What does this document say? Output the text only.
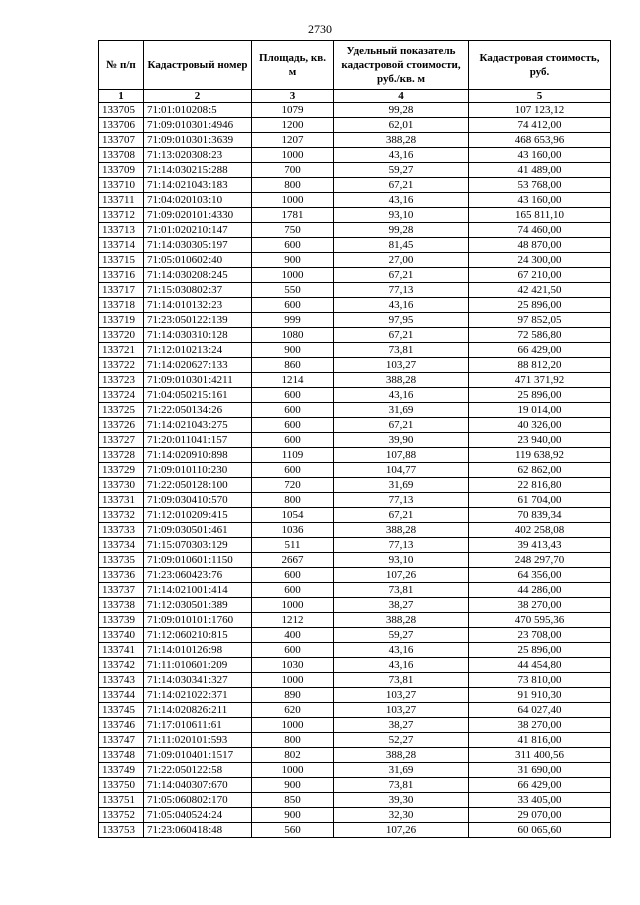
2730
№ п/п	Кадастровый номер	Площадь, кв. м	Удельный показатель кадастровой стоимости, руб./кв. м	Кадастровая стоимость, руб.
1	2	3	4	5
133705	71:01:010208:5	1079	99,28	107 123,12
133706	71:09:010301:4946	1200	62,01	74 412,00
133707	71:09:010301:3639	1207	388,28	468 653,96
133708	71:13:020308:23	1000	43,16	43 160,00
133709	71:14:030215:288	700	59,27	41 489,00
133710	71:14:021043:183	800	67,21	53 768,00
133711	71:04:020103:10	1000	43,16	43 160,00
133712	71:09:020101:4330	1781	93,10	165 811,10
133713	71:01:020210:147	750	99,28	74 460,00
133714	71:14:030305:197	600	81,45	48 870,00
133715	71:05:010602:40	900	27,00	24 300,00
133716	71:14:030208:245	1000	67,21	67 210,00
133717	71:15:030802:37	550	77,13	42 421,50
133718	71:14:010132:23	600	43,16	25 896,00
133719	71:23:050122:139	999	97,95	97 852,05
133720	71:14:030310:128	1080	67,21	72 586,80
133721	71:12:010213:24	900	73,81	66 429,00
133722	71:14:020627:133	860	103,27	88 812,20
133723	71:09:010301:4211	1214	388,28	471 371,92
133724	71:04:050215:161	600	43,16	25 896,00
133725	71:22:050134:26	600	31,69	19 014,00
133726	71:14:021043:275	600	67,21	40 326,00
133727	71:20:011041:157	600	39,90	23 940,00
133728	71:14:020910:898	1109	107,88	119 638,92
133729	71:09:010110:230	600	104,77	62 862,00
133730	71:22:050128:100	720	31,69	22 816,80
133731	71:09:030410:570	800	77,13	61 704,00
133732	71:12:010209:415	1054	67,21	70 839,34
133733	71:09:030501:461	1036	388,28	402 258,08
133734	71:15:070303:129	511	77,13	39 413,43
133735	71:09:010601:1150	2667	93,10	248 297,70
133736	71:23:060423:76	600	107,26	64 356,00
133737	71:14:021001:414	600	73,81	44 286,00
133738	71:12:030501:389	1000	38,27	38 270,00
133739	71:09:010101:1760	1212	388,28	470 595,36
133740	71:12:060210:815	400	59,27	23 708,00
133741	71:14:010126:98	600	43,16	25 896,00
133742	71:11:010601:209	1030	43,16	44 454,80
133743	71:14:030341:327	1000	73,81	73 810,00
133744	71:14:021022:371	890	103,27	91 910,30
133745	71:14:020826:211	620	103,27	64 027,40
133746	71:17:010611:61	1000	38,27	38 270,00
133747	71:11:020101:593	800	52,27	41 816,00
133748	71:09:010401:1517	802	388,28	311 400,56
133749	71:22:050122:58	1000	31,69	31 690,00
133750	71:14:040307:670	900	73,81	66 429,00
133751	71:05:060802:170	850	39,30	33 405,00
133752	71:05:040524:24	900	32,30	29 070,00
133753	71:23:060418:48	560	107,26	60 065,60
